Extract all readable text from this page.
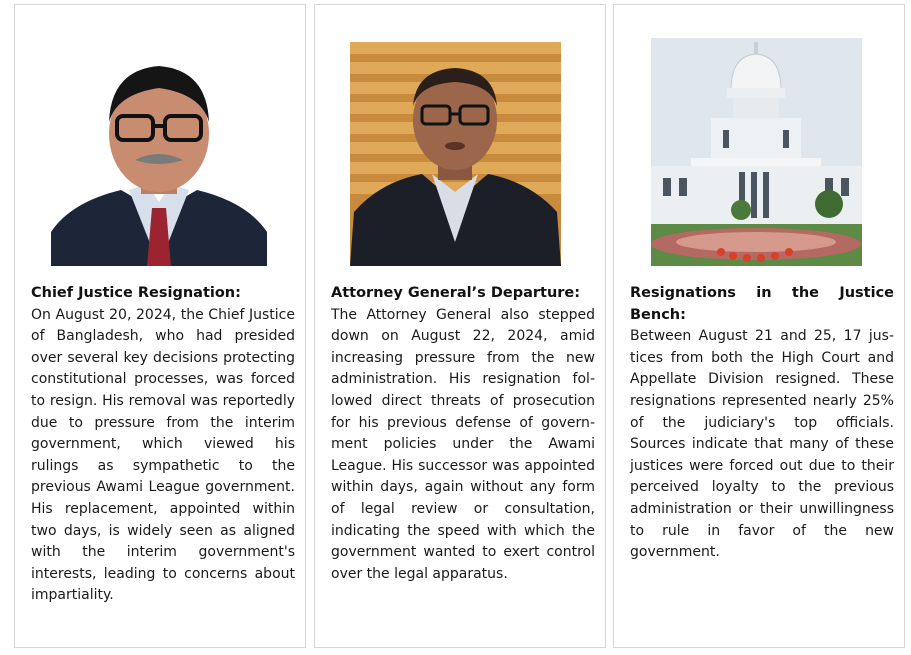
Chief Justice Resignation:
On August 20, 2024, the Chief Justice of Bangladesh, who had presided over several key decisions protecting constitutional processes, was forced to resign. His removal was reportedly due to pressure from the interim government, which viewed his rulings as sympathetic to the previous Awami League government. His replacement, appointed within two days, is widely seen as aligned with the interim government's interests, leading to concerns about impartiality.
Attorney General’s Departure:
The Attorney General also stepped down on August 22, 2024, amid increasing pressure from the new administration. His resignation followed direct threats of prosecution for his previous defense of government policies under the Awami League. His successor was appointed within days, again without any form of legal review or consultation, indicating the speed with which the government wanted to exert control over the legal apparatus.
Resignations in the Justice Bench:
Between August 21 and 25, 17 justices from both the High Court and Appellate Division resigned. These resignations represented nearly 25% of the judiciary's top officials. Sources indicate that many of these justices were forced out due to their perceived loyalty to the previous administration or their unwillingness to rule in favor of the new government.
